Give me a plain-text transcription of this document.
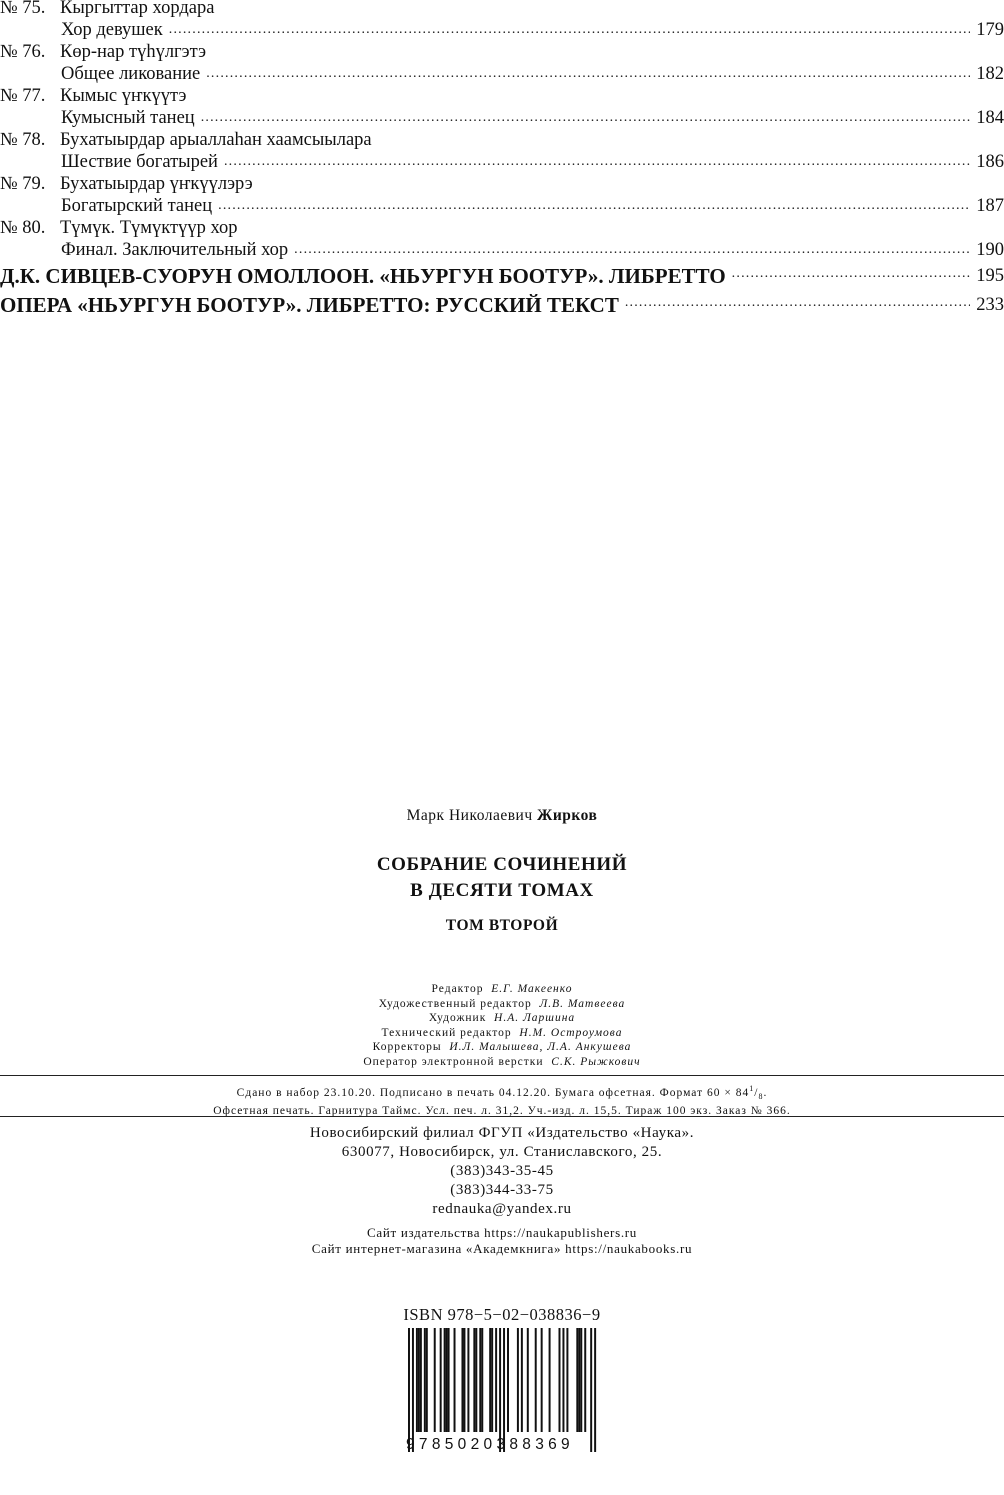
№ 75. Кыргыттар хордара
Хор девушек .....	179
№ 76. Көр-нар түһүлгэтэ
Общее ликование .....	182
№ 77. Кымыс үҥкүүтэ
Кумысный танец .....	184
№ 78. Бухатыырдар арыаллаһан хаамсыылара
Шествие богатырей .....	186
№ 79. Бухатыырдар үҥкүүлэрэ
Богатырский танец .....	187
№ 80. Түмүк. Түмүктүүр хор
Финал. Заключительный хор .....	190
Д.К. СИВЦЕВ-СУОРУН ОМОЛЛООН. «НЬУРГУН БООТУР». ЛИБРЕТТО .....	195
ОПЕРА «НЬУРГУН БООТУР». ЛИБРЕТТО: РУССКИЙ ТЕКСТ .....	233
Марк Николаевич Жирков
СОБРАНИЕ СОЧИНЕНИЙ
В ДЕСЯТИ ТОМАХ
ТОМ ВТОРОЙ
Редактор Е.Г. Макеенко
Художественный редактор Л.В. Матвеева
Художник Н.А. Ларшина
Технический редактор Н.М. Остроумова
Корректоры И.Л. Малышева, Л.А. Анкушева
Оператор электронной верстки С.К. Рыжкович
Сдано в набор 23.10.20. Подписано в печать 04.12.20. Бумага офсетная. Формат $60 \times 84^1/_8$.
Офсетная печать. Гарнитура Таймс. Усл. печ. л. 31,2. Уч.-изд. л. 15,5. Тираж 100 экз. Заказ № 366.
Новосибирский филиал ФГУП «Издательство «Наука».
630077, Новосибирск, ул. Станиславского, 25.
(383)343-35-45
(383)344-33-75
rednauka@yandex.ru
Сайт издательства https://naukapublishers.ru
Сайт интернет-магазина «Академкнига» https://naukabooks.ru
ISBN 978−5−02−038836−9
9785020388369
